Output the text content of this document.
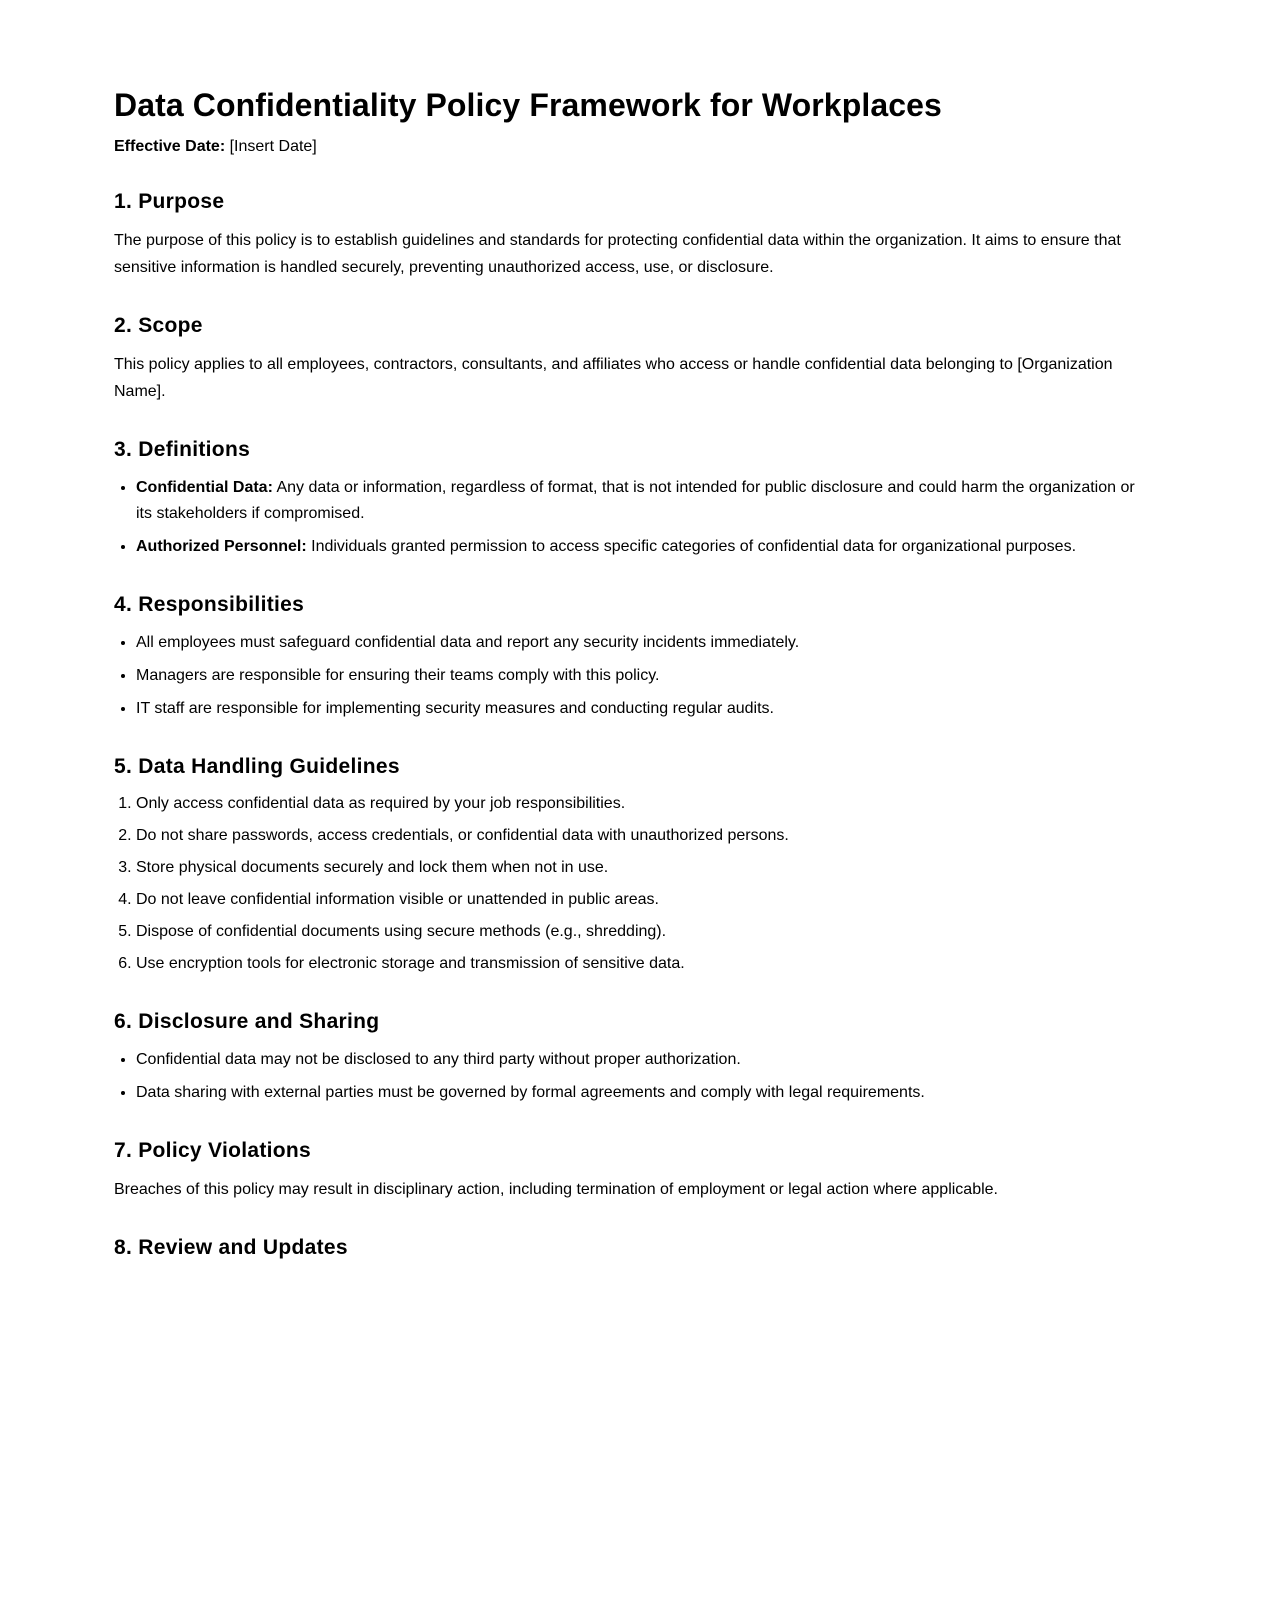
Data Confidentiality Policy Framework for Workplaces

Effective Date: [Insert Date]

1. Purpose

The purpose of this policy is to establish guidelines and standards for protecting confidential data within the organization. It aims to ensure that sensitive information is handled securely, preventing unauthorized access, use, or disclosure.

2. Scope

This policy applies to all employees, contractors, consultants, and affiliates who access or handle confidential data belonging to [Organization Name].

3. Definitions
• Confidential Data: Any data or information, regardless of format, that is not intended for public disclosure and could harm the organization or its stakeholders if compromised.
• Authorized Personnel: Individuals granted permission to access specific categories of confidential data for organizational purposes.
4. Responsibilities
• All employees must safeguard confidential data and report any security incidents immediately.
• Managers are responsible for ensuring their teams comply with this policy.
• IT staff are responsible for implementing security measures and conducting regular audits.
5. Data Handling Guidelines
1. Only access confidential data as required by your job responsibilities.
2. Do not share passwords, access credentials, or confidential data with unauthorized persons.
3. Store physical documents securely and lock them when not in use.
4. Do not leave confidential information visible or unattended in public areas.
5. Dispose of confidential documents using secure methods (e.g., shredding).
6. Use encryption tools for electronic storage and transmission of sensitive data.
6. Disclosure and Sharing
• Confidential data may not be disclosed to any third party without proper authorization.
• Data sharing with external parties must be governed by formal agreements and comply with legal requirements.
7. Policy Violations

Breaches of this policy may result in disciplinary action, including termination of employment or legal action where applicable.

8. Review and Updates
